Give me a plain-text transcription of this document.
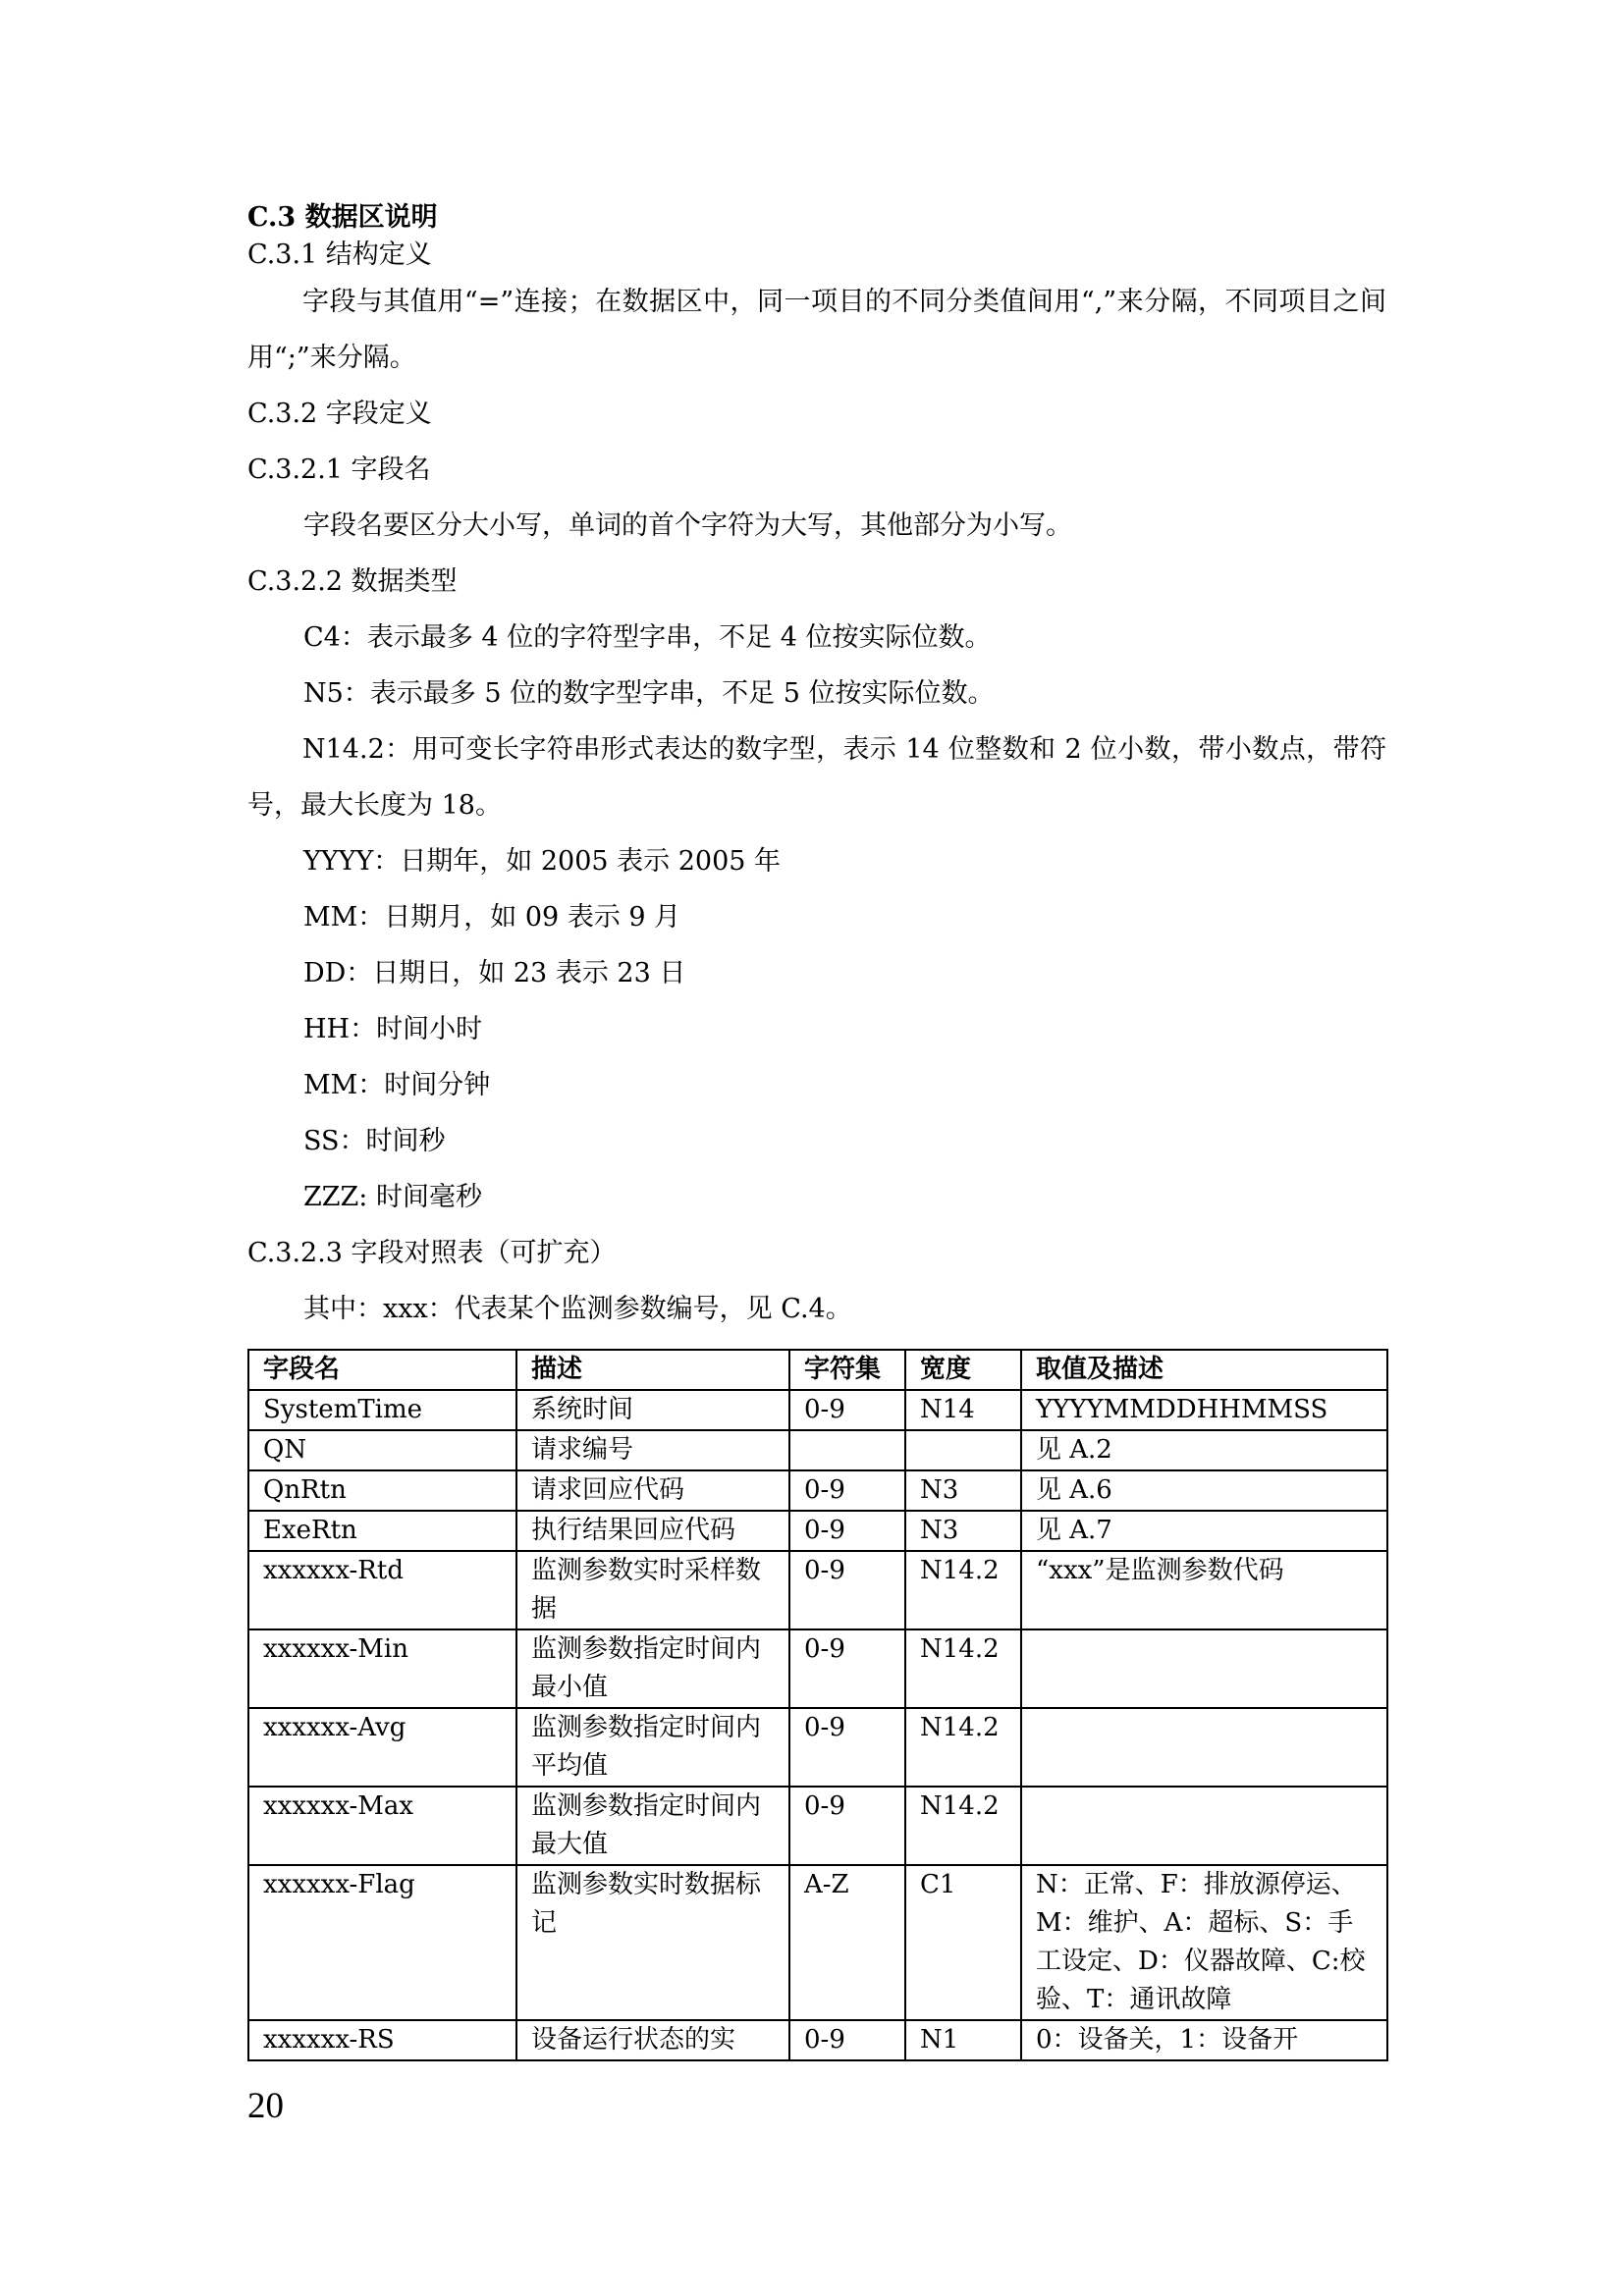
C.3 数据区说明
C.3.1 结构定义

字段与其值用“=”连接；在数据区中，同一项目的不同分类值间用“,”来分隔，不同项目之间用“;”来分隔。

C.3.2 字段定义
C.3.2.1 字段名
字段名要区分大小写，单词的首个字符为大写，其他部分为小写。
C.3.2.2 数据类型
C4：表示最多 4 位的字符型字串，不足 4 位按实际位数。
N5：表示最多 5 位的数字型字串，不足 5 位按实际位数。

N14.2：用可变长字符串形式表达的数字型，表示 14 位整数和 2 位小数，带小数点，带符号，最大长度为 18。

YYYY：日期年，如 2005 表示 2005 年
MM：日期月，如 09 表示 9 月
DD：日期日，如 23 表示 23 日
HH：时间小时
MM：时间分钟
SS：时间秒
ZZZ: 时间毫秒
C.3.2.3 字段对照表（可扩充）
其中：xxx：代表某个监测参数编号，见 C.4。
字段名	描述	字符集	宽度	取值及描述
SystemTime	系统时间	0-9	N14	YYYYMMDDHHMMSS
QN	请求编号			见 A.2
QnRtn	请求回应代码	0-9	N3	见 A.6
ExeRtn	执行结果回应代码	0-9	N3	见 A.7
xxxxxx-Rtd	监测参数实时采样数据	0-9	N14.2	“xxx”是监测参数代码
xxxxxx-Min	监测参数指定时间内最小值	0-9	N14.2	
xxxxxx-Avg	监测参数指定时间内平均值	0-9	N14.2	
xxxxxx-Max	监测参数指定时间内最大值	0-9	N14.2	
xxxxxx-Flag	监测参数实时数据标记	A-Z	C1	N：正常、F：排放源停运、M：维护、A：超标、S：手工设定、D：仪器故障、C:校验、T：通讯故障
xxxxxx-RS	设备运行状态的实	0-9	N1	0：设备关，1：设备开
20
